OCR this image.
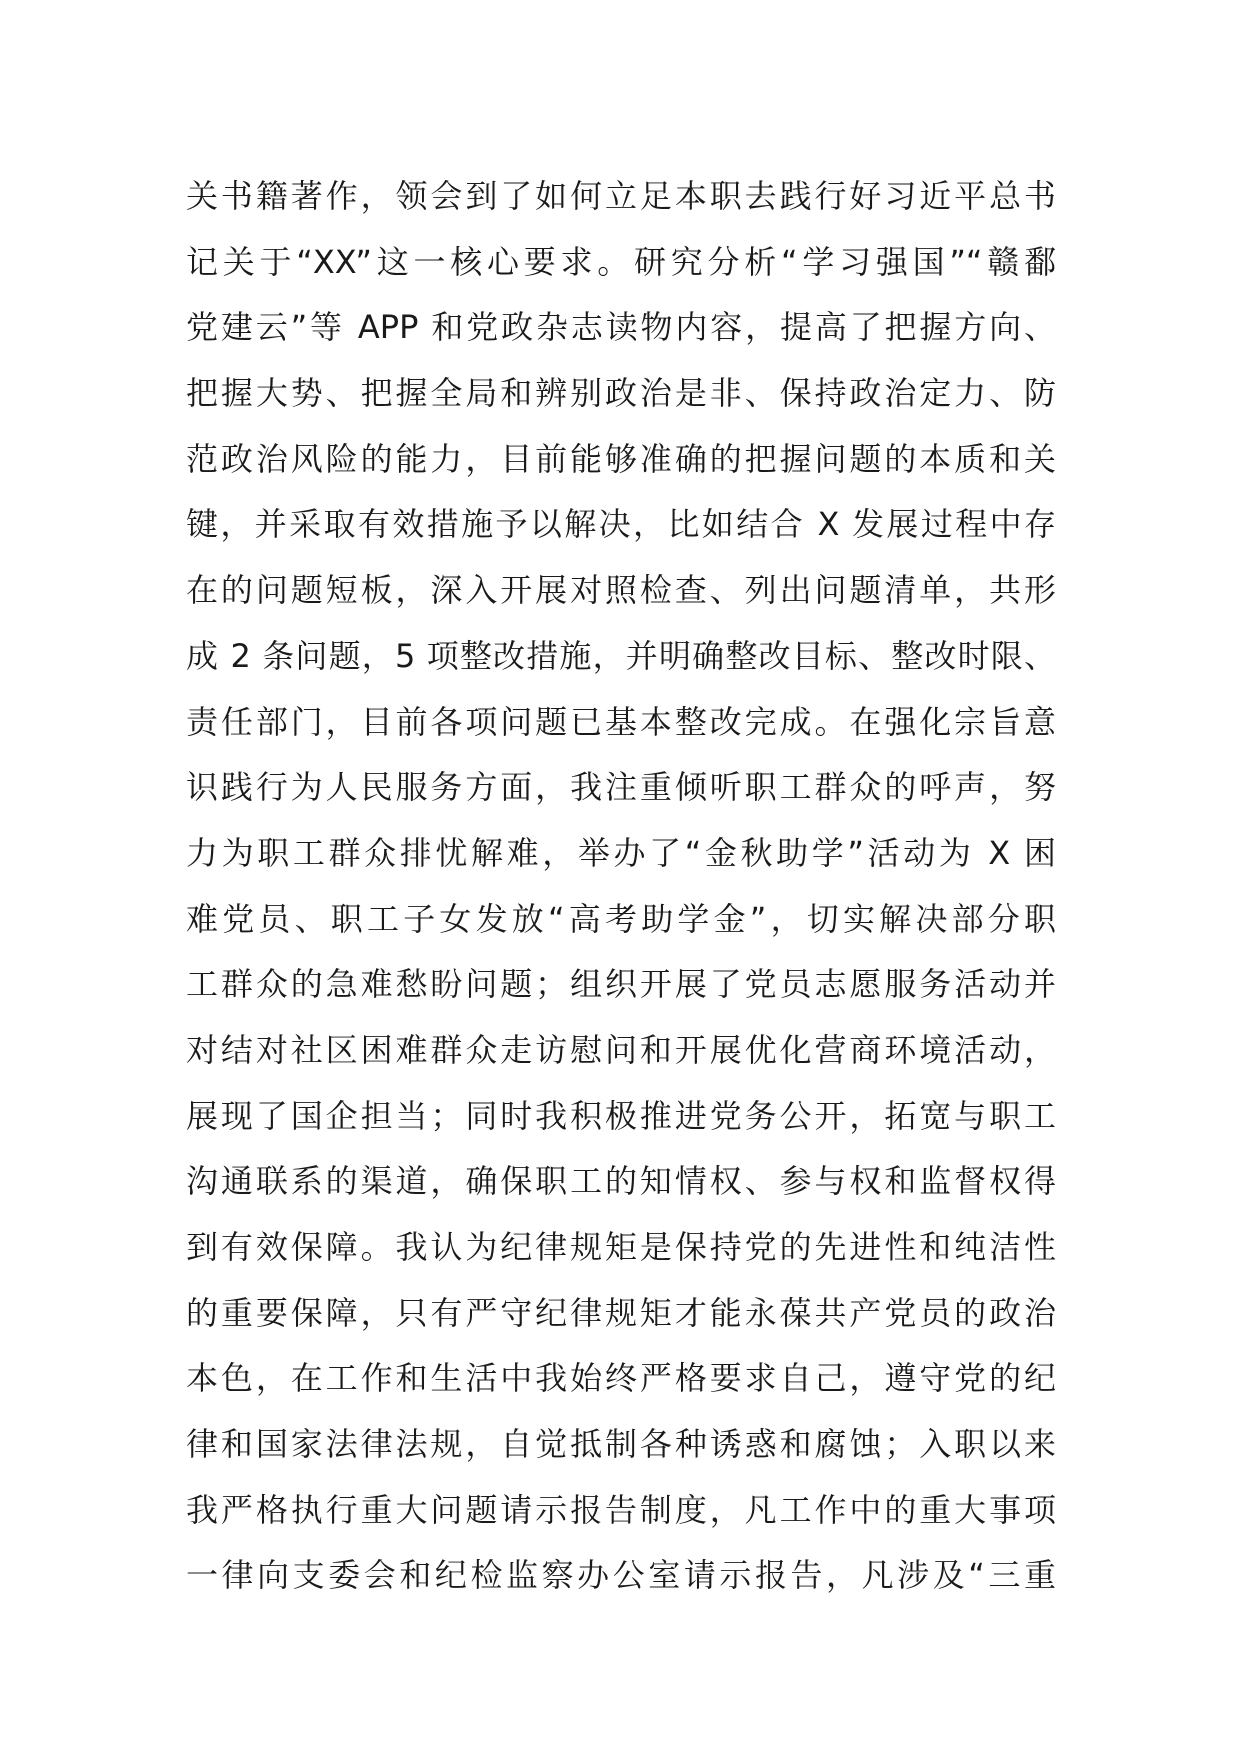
关书籍著作，领会到了如何立足本职去践行好习近平总书
记关于“XX”这一核心要求。研究分析“学习强国”“赣鄱
党建云”等 APP 和党政杂志读物内容，提高了把握方向、
把握大势、把握全局和辨别政治是非、保持政治定力、防
范政治风险的能力，目前能够准确的把握问题的本质和关
键，并采取有效措施予以解决，比如结合 X 发展过程中存
在的问题短板，深入开展对照检查、列出问题清单，共形
成 2 条问题，5 项整改措施，并明确整改目标、整改时限、
责任部门，目前各项问题已基本整改完成。在强化宗旨意
识践行为人民服务方面，我注重倾听职工群众的呼声，努
力为职工群众排忧解难，举办了“金秋助学”活动为 X 困
难党员、职工子女发放“高考助学金”，切实解决部分职
工群众的急难愁盼问题；组织开展了党员志愿服务活动并
对结对社区困难群众走访慰问和开展优化营商环境活动，
展现了国企担当；同时我积极推进党务公开，拓宽与职工
沟通联系的渠道，确保职工的知情权、参与权和监督权得
到有效保障。我认为纪律规矩是保持党的先进性和纯洁性
的重要保障，只有严守纪律规矩才能永葆共产党员的政治
本色，在工作和生活中我始终严格要求自己，遵守党的纪
律和国家法律法规，自觉抵制各种诱惑和腐蚀；入职以来
我严格执行重大问题请示报告制度，凡工作中的重大事项
一律向支委会和纪检监察办公室请示报告，凡涉及“三重
